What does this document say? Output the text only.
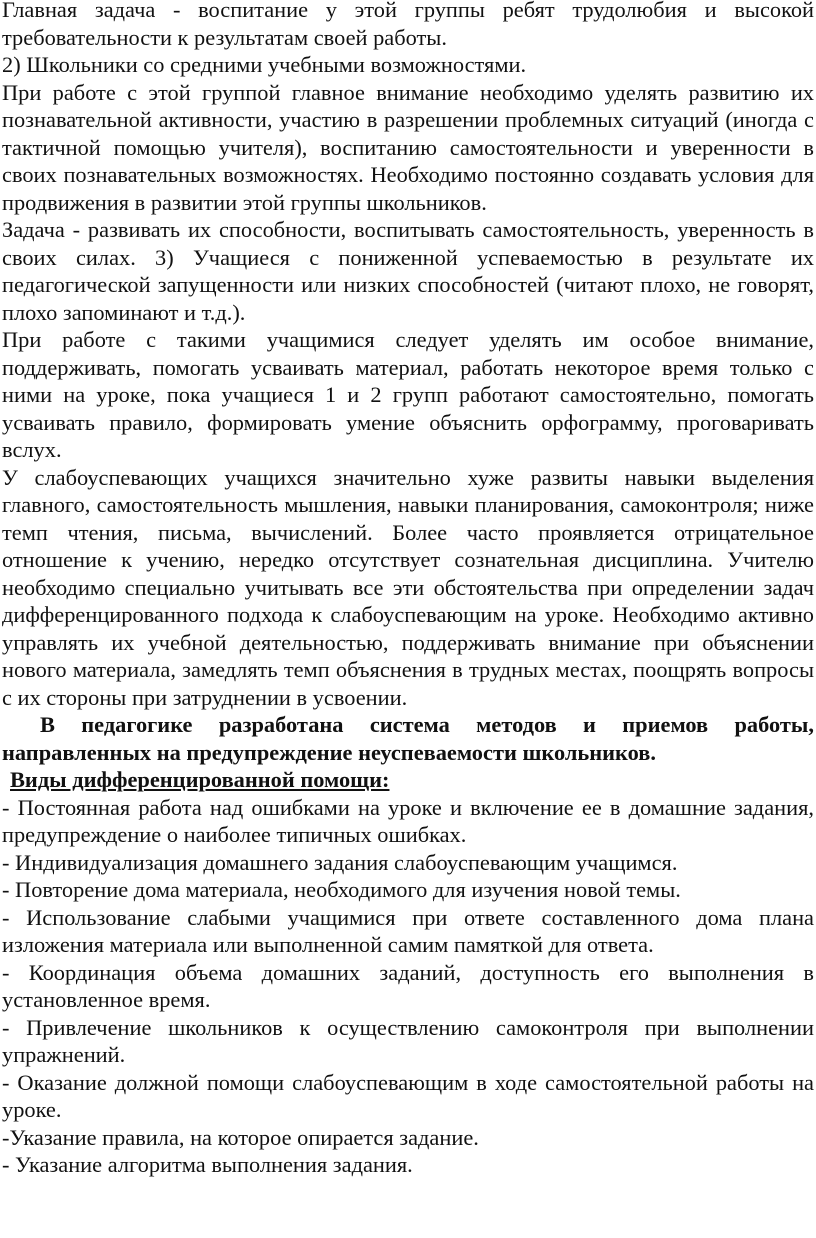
Главная задача - воспитание у этой группы ребят трудолюбия и высокой требовательности к результатам своей работы.

2) Школьники со средними учебными возможностями.

При работе с этой группой главное внимание необходимо уделять развитию их познавательной активности, участию в разрешении проблемных ситуаций (иногда с тактичной помощью учителя), воспитанию самостоятельности и уверенности в своих познавательных возможностях. Необходимо постоянно создавать условия для продвижения в развитии этой группы школьников.

Задача - развивать их способности, воспитывать самостоятельность, уверенность в своих силах. 3) Учащиеся с пониженной успеваемостью в результате их педагогической запущенности или низких способностей (читают плохо, не говорят, плохо запоминают и т.д.).

При работе с такими учащимися следует уделять им особое внимание, поддерживать, помогать усваивать материал, работать некоторое время только с ними на уроке, пока учащиеся 1 и 2 групп работают самостоятельно, помогать усваивать правило, формировать умение объяснить орфограмму, проговаривать вслух.

У слабоуспевающих учащихся значительно хуже развиты навыки выделения главного, самостоятельность мышления, навыки планирования, самоконтроля; ниже темп чтения, письма, вычислений. Более часто проявляется отрицательное отношение к учению, нередко отсутствует сознательная дисциплина. Учителю необходимо специально учитывать все эти обстоятельства при определении задач дифференцированного подхода к слабоуспевающим на уроке. Необходимо активно управлять их учебной деятельностью, поддерживать внимание при объяснении нового материала, замедлять темп объяснения в трудных местах, поощрять вопросы с их стороны при затруднении в усвоении.

В педагогике разработана система методов и приемов работы, направленных на предупреждение неуспеваемости школьников.

Виды дифференцированной помощи:

- Постоянная работа над ошибками на уроке и включение ее в домашние задания, предупреждение о наиболее типичных ошибках.
- Индивидуализация домашнего задания слабоуспевающим учащимся.
- Повторение дома материала, необходимого для изучения новой темы.
- Использование слабыми учащимися при ответе составленного дома плана изложения материала или выполненной самим памяткой для ответа.
- Координация объема домашних заданий, доступность его выполнения в установленное время.
- Привлечение школьников к осуществлению самоконтроля при выполнении упражнений.
- Оказание должной помощи слабоуспевающим в ходе самостоятельной работы на уроке.
-Указание правила, на которое опирается задание.
- Указание алгоритма выполнения задания.
